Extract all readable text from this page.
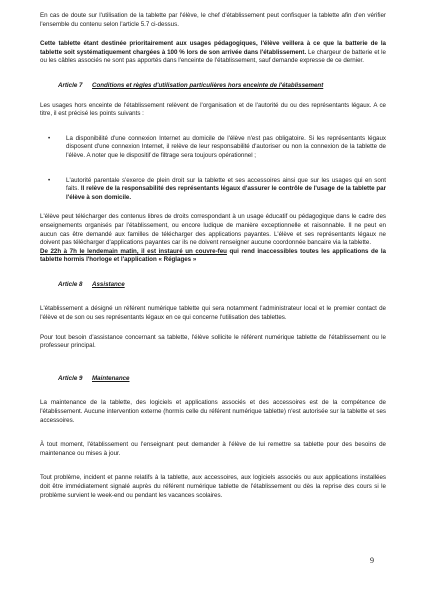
En cas de doute sur l'utilisation de la tablette par l'élève, le chef d'établissement peut confisquer la tablette afin d'en vérifier l'ensemble du contenu selon l'article 5.7 ci-dessus.

Cette tablette étant destinée prioritairement aux usages pédagogiques, l'élève veillera à ce que la batterie de la tablette soit systématiquement chargées à 100 % lors de son arrivée dans l'établissement. Le chargeur de batterie et le ou les câbles associés ne sont pas apportés dans l'enceinte de l'établissement, sauf demande expresse de ce dernier.

Article 7 Conditions et règles d'utilisation particulières hors enceinte de l'établissement

Les usages hors enceinte de l'établissement relèvent de l'organisation et de l'autorité du ou des représentants légaux. A ce titre, il est précisé les points suivants :

•	La disponibilité d'une connexion Internet au domicile de l'élève n'est pas obligatoire. Si les représentants légaux disposent d'une connexion Internet, il relève de leur responsabilité d'autoriser ou non la connexion de la tablette de l'élève. A noter que le dispositif de filtrage sera toujours opérationnel ;
•	L'autorité parentale s'exerce de plein droit sur la tablette et ses accessoires ainsi que sur les usages qui en sont faits. Il relève de la responsabilité des représentants légaux d'assurer le contrôle de l'usage de la tablette par l'élève à son domicile.

L'élève peut télécharger des contenus libres de droits correspondant à un usage éducatif ou pédagogique dans le cadre des enseignements organisés par l'établissement, ou encore ludique de manière exceptionnelle et raisonnable. Il ne peut en aucun cas être demandé aux familles de télécharger des applications payantes. L'élève et ses représentants légaux ne doivent pas télécharger d'applications payantes car ils ne doivent renseigner aucune coordonnée bancaire via la tablette.

De 22h à 7h le lendemain matin, il est instauré un couvre-feu qui rend inaccessibles toutes les applications de la tablette hormis l'horloge et l'application « Réglages »

Article 8 Assistance

L'établissement a désigné un référent numérique tablette qui sera notamment l'administrateur local et le premier contact de l'élève et de son ou ses représentants légaux en ce qui concerne l'utilisation des tablettes.

Pour tout besoin d'assistance concernant sa tablette, l'élève sollicite le référent numérique tablette de l'établissement ou le professeur principal.

Article 9 Maintenance

La maintenance de la tablette, des logiciels et applications associés et des accessoires est de la compétence de l'établissement. Aucune intervention externe (hormis celle du référent numérique tablette) n'est autorisée sur la tablette et ses accessoires.

À tout moment, l'établissement ou l'enseignant peut demander à l'élève de lui remettre sa tablette pour des besoins de maintenance ou mises à jour.

Tout problème, incident et panne relatifs à la tablette, aux accessoires, aux logiciels associés ou aux applications installées doit être immédiatement signalé auprès du référent numérique tablette de l'établissement ou dès la reprise des cours si le problème survient le week-end ou pendant les vacances scolaires.

9
